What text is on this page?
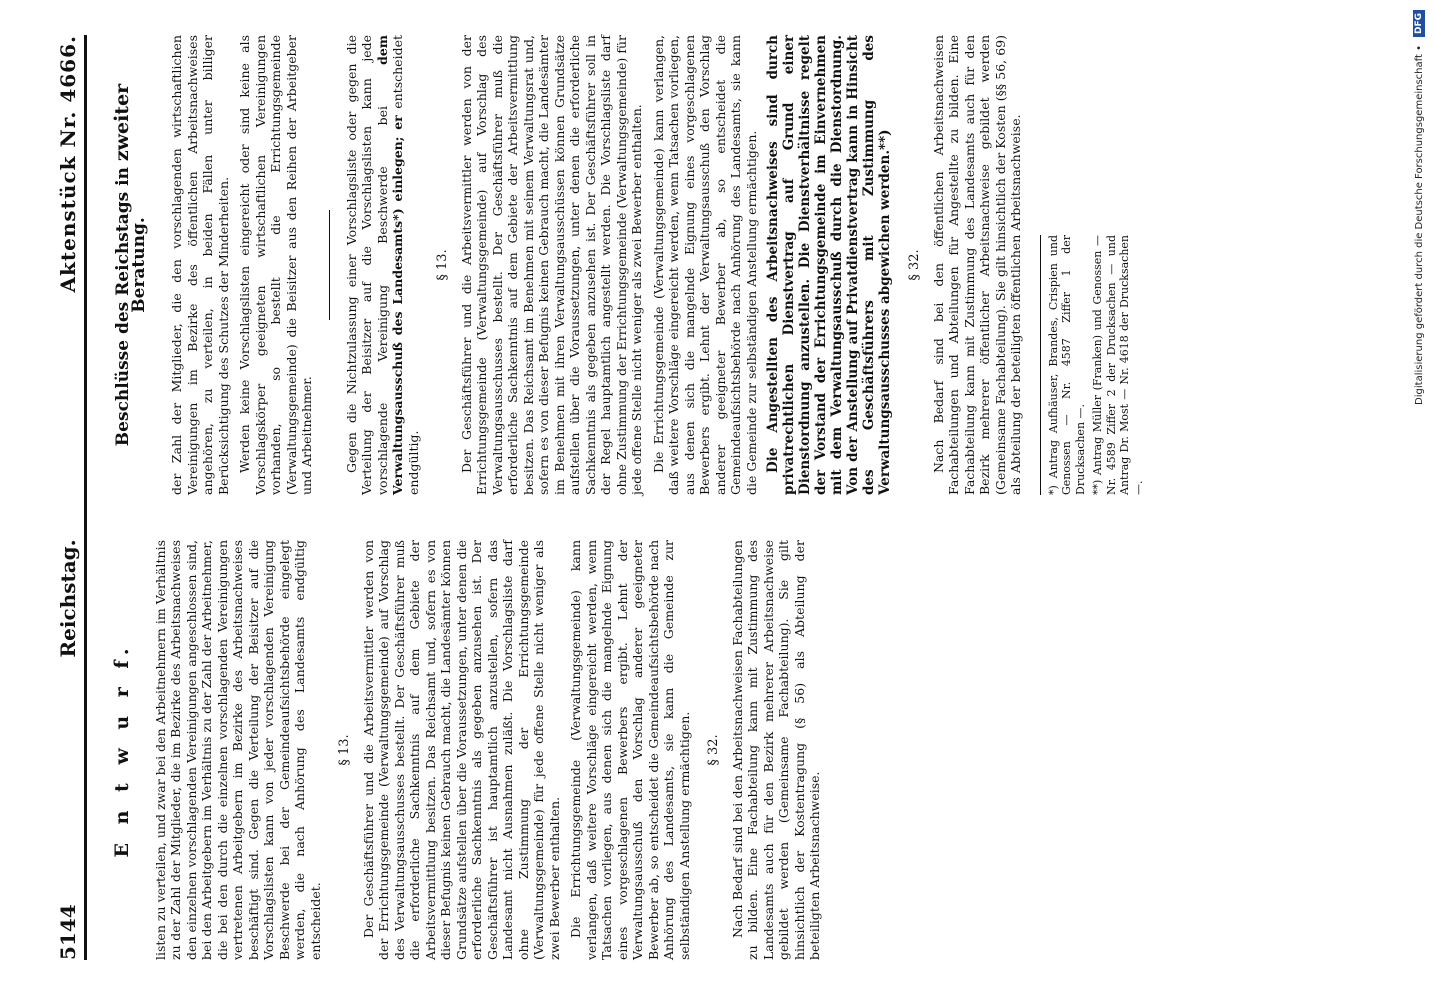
5144
Reichstag.
Aktenstück Nr. 4666.
E n t w u r f. listen zu verteilen, und zwar bei den Arbeitnehmern im Verhältnis zu der Zahl der Mitglieder, die im Bezirke des Arbeitsnachweises den einzelnen vorschlagenden Vereinigungen angeschlossen sind, bei den Arbeitgebern im Verhältnis zu der Zahl der Arbeitnehmer, die bei den durch die einzelnen vorschlagenden Vereinigungen vertretenen Arbeitgebern im Bezirke des Arbeitsnachweises beschäftigt sind. Gegen die Verteilung der Beisitzer auf die Vorschlagslisten kann von jeder vorschlagenden Vereinigung Beschwerde bei der Gemeindeaufsichtsbehörde eingelegt werden, die nach Anhörung des Landesamts endgültig entscheidet.

§ 13. Der Geschäftsführer und die Arbeitsvermittler werden von der Errichtungsgemeinde (Verwaltungsgemeinde) auf Vorschlag des Verwaltungsausschusses bestellt. Der Geschäftsführer muß die erforderliche Sachkenntnis auf dem Gebiete der Arbeitsvermittlung besitzen. Das Reichsamt und, sofern es von dieser Befugnis keinen Gebrauch macht, die Landesämter können Grundsätze aufstellen über die Voraussetzungen, unter denen die erforderliche Sachkenntnis als gegeben anzusehen ist. Der Geschäftsführer ist hauptamtlich anzustellen, sofern das Landesamt nicht Ausnahmen zuläßt. Die Vorschlagsliste darf ohne Zustimmung der Errichtungsgemeinde (Verwaltungsgemeinde) für jede offene Stelle nicht weniger als zwei Bewerber enthalten. Die Errichtungsgemeinde (Verwaltungsgemeinde) kann verlangen, daß weitere Vorschläge eingereicht werden, wenn Tatsachen vorliegen, aus denen sich die mangelnde Eignung eines vorgeschlagenen Bewerbers ergibt. Lehnt der Verwaltungsausschuß den Vorschlag anderer geeigneter Bewerber ab, so entscheidet die Gemeindeaufsichtsbehörde nach Anhörung des Landesamts, sie kann die Gemeinde zur selbständigen Anstellung ermächtigen. § 32. Nach Bedarf sind bei den Arbeitsnachweisen Fachabteilungen zu bilden. Eine Fachabteilung kann mit Zustimmung des Landesamts auch für den Bezirk mehrerer Arbeitsnachweise gebildet werden (Gemeinsame Fachabteilung). Sie gilt hinsichtlich der Kostentragung (§ 56) als Abteilung der beteiligten Arbeitsnachweise.

Beschlüsse des Reichstags in zweiter Beratung. der Zahl der Mitglieder, die den vorschlagenden wirtschaftlichen Vereinigungen im Bezirke des öffentlichen Arbeitsnachweises angehören, zu verteilen, in beiden Fällen unter billiger Berücksichtigung des Schutzes der Minderheiten. Werden keine Vorschlagslisten eingereicht oder sind keine als Vorschlagskörper geeigneten wirtschaftlichen Vereinigungen vorhanden, so bestellt die Errichtungsgemeinde (Verwaltungsgemeinde) die Beisitzer aus den Reihen der Arbeitgeber und Arbeitnehmer. Gegen die Nichtzulassung einer Vorschlagsliste oder gegen die Verteilung der Beisitzer auf die Vorschlagslisten kann jede vorschlagende Vereinigung Beschwerde bei dem Verwaltungsausschuß des Landesamts*) einlegen; er entscheidet endgültig.

§ 13. Der Geschäftsführer und die Arbeitsvermittler werden von der Errichtungsgemeinde (Verwaltungsgemeinde) auf Vorschlag des Verwaltungsausschusses bestellt. Der Geschäftsführer muß die erforderliche Sachkenntnis auf dem Gebiete der Arbeitsvermittlung besitzen. Das Reichsamt im Benehmen mit seinem Verwaltungsrat und, sofern es von dieser Befugnis keinen Gebrauch macht, die Landesämter im Benehmen mit ihren Verwaltungsausschüssen können Grundsätze aufstellen über die Voraussetzungen, unter denen die erforderliche Sachkenntnis als gegeben anzusehen ist. Der Geschäftsführer soll in der Regel hauptamtlich angestellt werden. Die Vorschlagsliste darf ohne Zustimmung der Errichtungsgemeinde (Verwaltungsgemeinde) für jede offene Stelle nicht weniger als zwei Bewerber enthalten. Die Errichtungsgemeinde (Verwaltungsgemeinde) kann verlangen, daß weitere Vorschläge eingereicht werden, wenn Tatsachen vorliegen, aus denen sich die mangelnde Eignung eines vorgeschlagenen Bewerbers ergibt. Lehnt der Verwaltungsausschuß den Vorschlag anderer geeigneter Bewerber ab, so entscheidet die Gemeindeaufsichtsbehörde nach Anhörung des Landesamts, sie kann die Gemeinde zur selbständigen Anstellung ermächtigen. Die Angestellten des Arbeitsnachweises sind durch privatrechtlichen Dienstvertrag auf Grund einer Dienstordnung anzustellen. Die Dienstverhältnisse regelt der Vorstand der Errichtungsgemeinde im Einvernehmen mit dem Verwaltungsausschuß durch die Dienstordnung. Von der Anstellung auf Privatdienstvertrag kann in Hinsicht des Geschäftsführers mit Zustimmung des Verwaltungsausschusses abgewichen werden.**) § 32. Nach Bedarf sind bei den öffentlichen Arbeitsnachweisen Fachabteilungen und Abteilungen für Angestellte zu bilden. Eine Fachabteilung kann mit Zustimmung des Landesamts auch für den Bezirk mehrerer öffentlicher Arbeitsnachweise gebildet werden (Gemeinsame Fachabteilung). Sie gilt hinsichtlich der Kosten (§§ 56, 69) als Abteilung der beteiligten öffentlichen Arbeitsnachweise. *) Antrag Aufhäuser, Brandes, Crispien und Genossen — Nr. 4587 Ziffer 1 der Drucksachen —. **) Antrag Müller (Franken) und Genossen — Nr. 4589 Ziffer 2 der Drucksachen — und Antrag Dr. Most — Nr. 4618 der Drucksachen —.

Digitalisierung gefördert durch die Deutsche Forschungsgemeinschaft •
DFG
